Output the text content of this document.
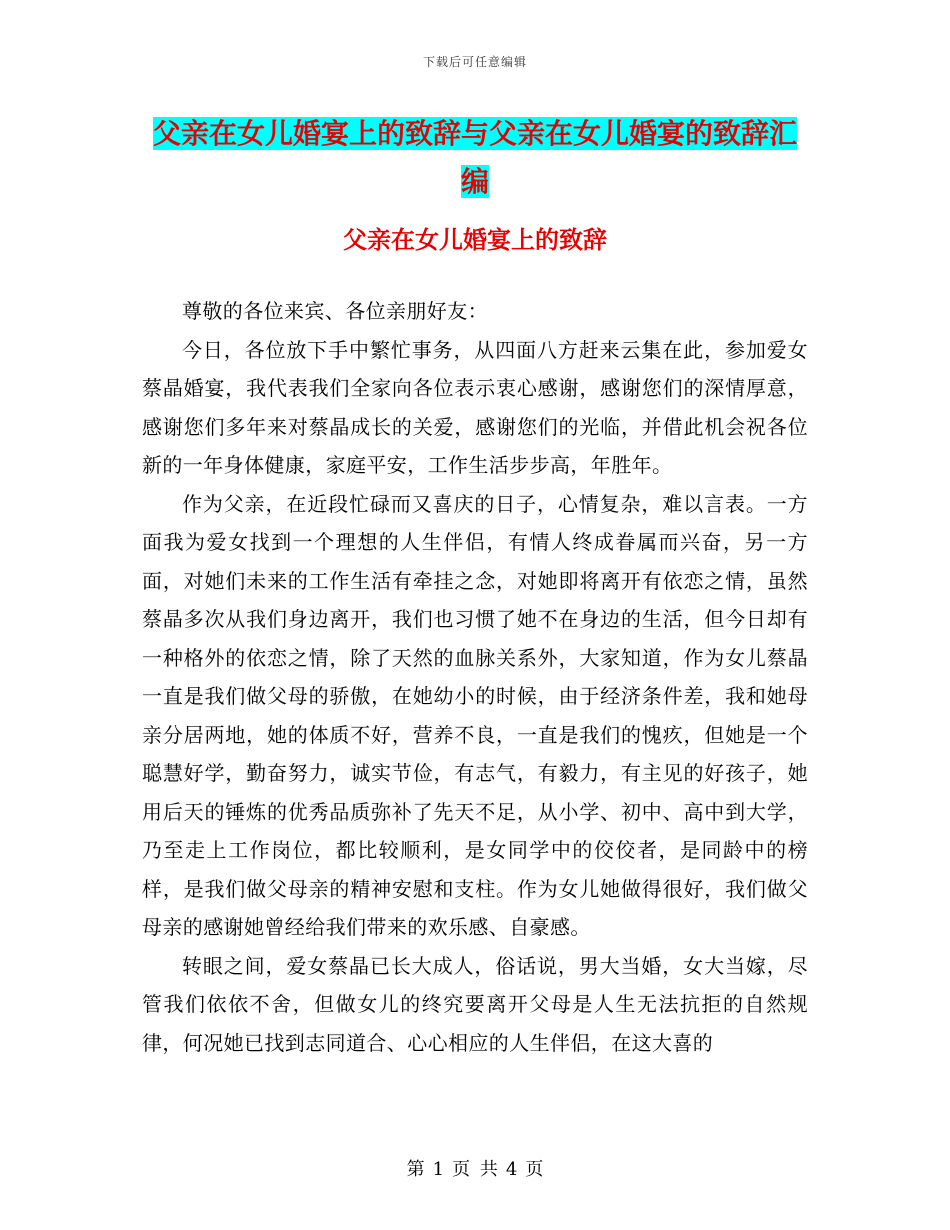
下载后可任意编辑
父亲在女儿婚宴上的致辞与父亲在女儿婚宴的致辞汇编
父亲在女儿婚宴上的致辞

尊敬的各位来宾、各位亲朋好友：

今日，各位放下手中繁忙事务，从四面八方赶来云集在此，参加爱女蔡晶婚宴，我代表我们全家向各位表示衷心感谢，感谢您们的深情厚意，感谢您们多年来对蔡晶成长的关爱，感谢您们的光临，并借此机会祝各位新的一年身体健康，家庭平安，工作生活步步高，年胜年。

作为父亲，在近段忙碌而又喜庆的日子，心情复杂，难以言表。一方面我为爱女找到一个理想的人生伴侣，有情人终成眷属而兴奋，另一方面，对她们未来的工作生活有牵挂之念，对她即将离开有依恋之情，虽然蔡晶多次从我们身边离开，我们也习惯了她不在身边的生活，但今日却有一种格外的依恋之情，除了天然的血脉关系外，大家知道，作为女儿蔡晶一直是我们做父母的骄傲，在她幼小的时候，由于经济条件差，我和她母亲分居两地，她的体质不好，营养不良，一直是我们的愧疚，但她是一个聪慧好学，勤奋努力，诚实节俭，有志气，有毅力，有主见的好孩子，她用后天的锤炼的优秀品质弥补了先天不足，从小学、初中、高中到大学，乃至走上工作岗位，都比较顺利，是女同学中的佼佼者，是同龄中的榜样，是我们做父母亲的精神安慰和支柱。作为女儿她做得很好，我们做父母亲的感谢她曾经给我们带来的欢乐感、自豪感。

转眼之间，爱女蔡晶已长大成人，俗话说，男大当婚，女大当嫁，尽管我们依依不舍，但做女儿的终究要离开父母是人生无法抗拒的自然规律，何况她已找到志同道合、心心相应的人生伴侣，在这大喜的

第 1 页 共 4 页
